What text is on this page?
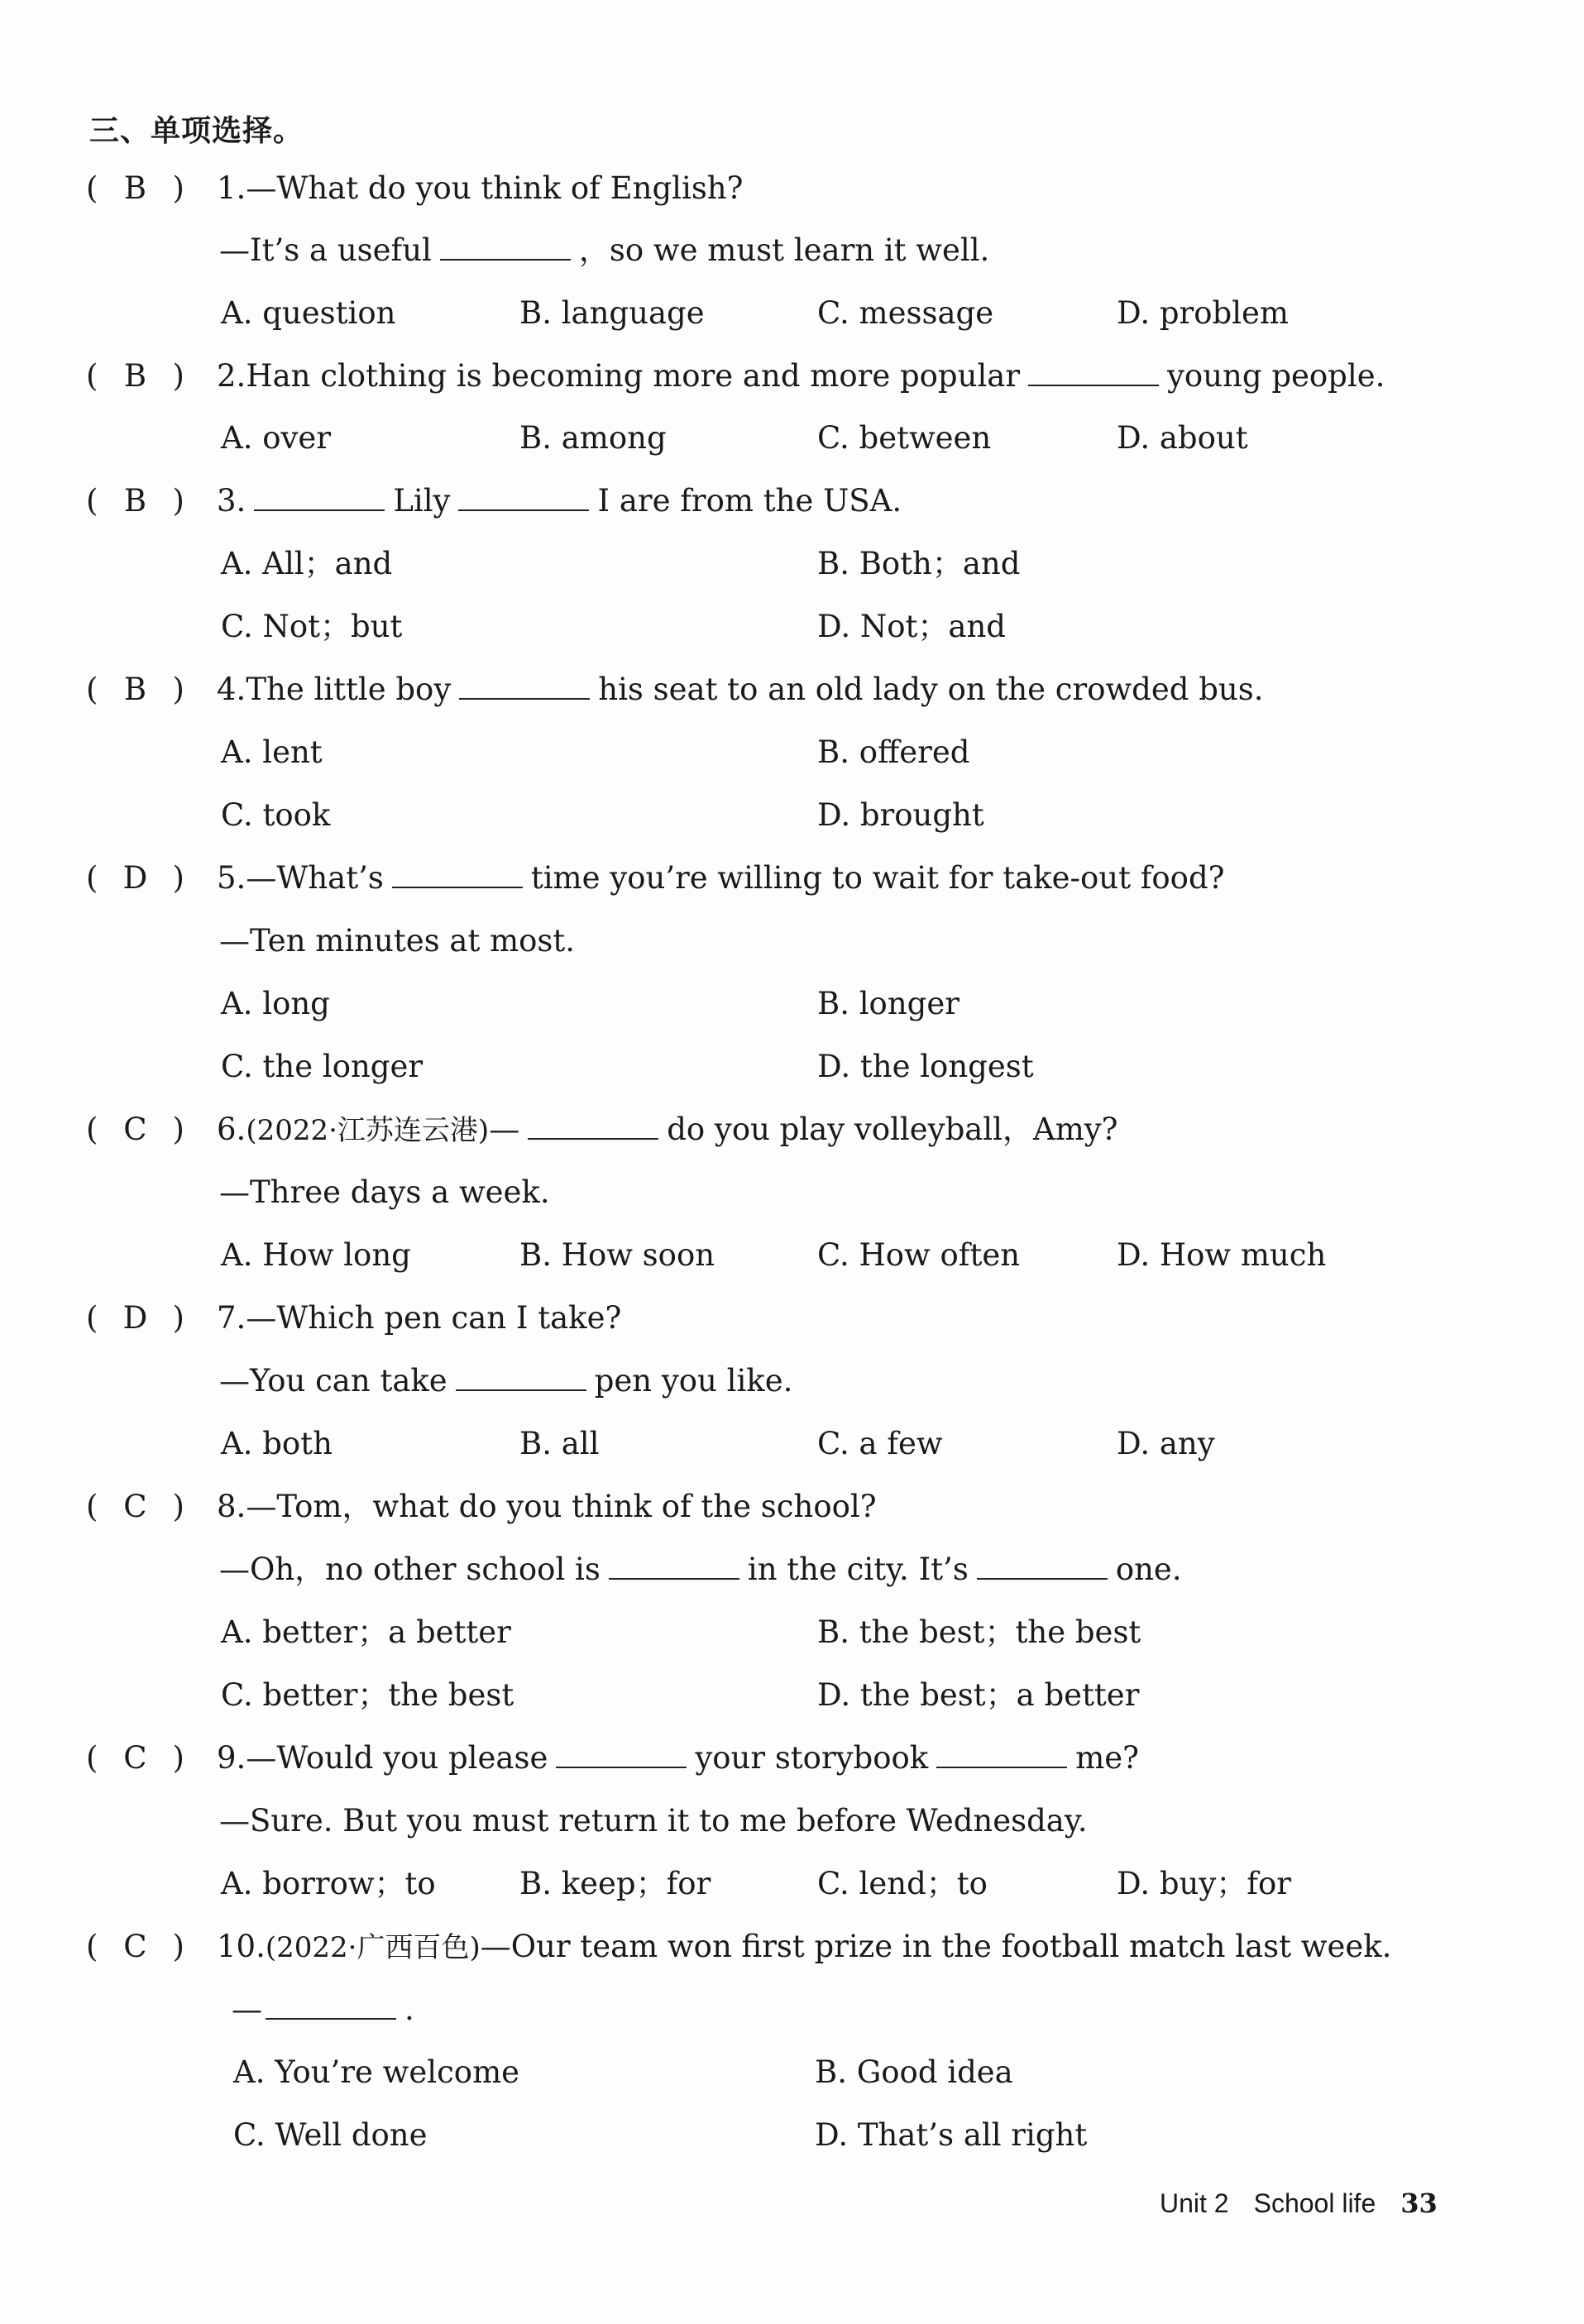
三、单项选择。
( B ) 1.—What do you think of English?
—It’s a useful	，so we must learn it well.
A. question	B. language	C. message	D. problem
( B ) 2.Han clothing is becoming more and more popular	young people.
A. over	B. among	C. between	D. about
( B ) 3.	Lily	I are from the USA.
A. All；and	B. Both；and
C. Not；but	D. Not；and
( B ) 4.The little boy	his seat to an old lady on the crowded bus.
A. lent	B. offered
C. took	D. brought
( D ) 5.—What’s	time you’re willing to wait for take-out food?
—Ten minutes at most.
A. long	B. longer
C. the longer	D. the longest
( C ) 6.(2022·江苏连云港)—	do you play volleyball，Amy?
—Three days a week.
A. How long	B. How soon	C. How often	D. How much
( D ) 7.—Which pen can I take?
—You can take	pen you like.
A. both	B. all	C. a few	D. any
( C ) 8.—Tom，what do you think of the school?
—Oh，no other school is	in the city. It’s	one.
A. better；a better	B. the best；the best
C. better；the best	D. the best；a better
( C ) 9.—Would you please	your storybook	me?
—Sure. But you must return it to me before Wednesday.
A. borrow；to	B. keep；for	C. lend；to	D. buy；for
( C ) 10.(2022·广西百色)—Our team won first prize in the football match last week.
—	.
A. You’re welcome	B. Good idea
C. Well done	D. That’s all right
Unit 2 School life 33
